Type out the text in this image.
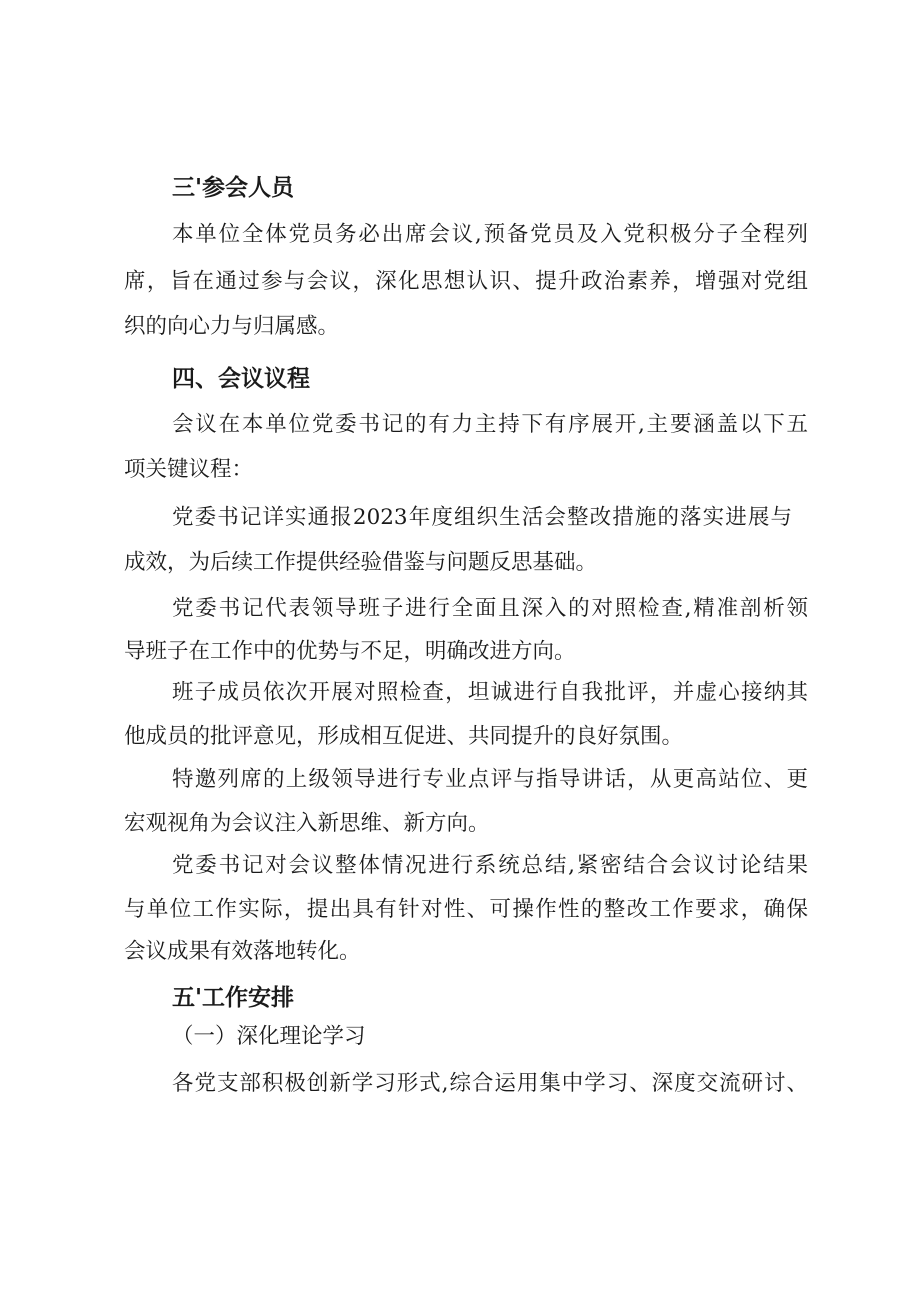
三'参会人员
本单位全体党员务必出席会议,预备党员及入党积极分子全程列
席，旨在通过参与会议，深化思想认识、提升政治素养，增强对党组
织的向心力与归属感。
四、会议议程
会议在本单位党委书记的有力主持下有序展开,主要涵盖以下五
项关键议程：
党委书记详实通报2023年度组织生活会整改措施的落实进展与
成效，为后续工作提供经验借鉴与问题反思基础。
党委书记代表领导班子进行全面且深入的对照检查,精准剖析领
导班子在工作中的优势与不足，明确改进方向。
班子成员依次开展对照检查，坦诚进行自我批评，并虚心接纳其
他成员的批评意见，形成相互促进、共同提升的良好氛围。
特邀列席的上级领导进行专业点评与指导讲话，从更高站位、更
宏观视角为会议注入新思维、新方向。
党委书记对会议整体情况进行系统总结,紧密结合会议讨论结果
与单位工作实际，提出具有针对性、可操作性的整改工作要求，确保
会议成果有效落地转化。
五'工作安排
（一）深化理论学习
各党支部积极创新学习形式,综合运用集中学习、深度交流研讨、
